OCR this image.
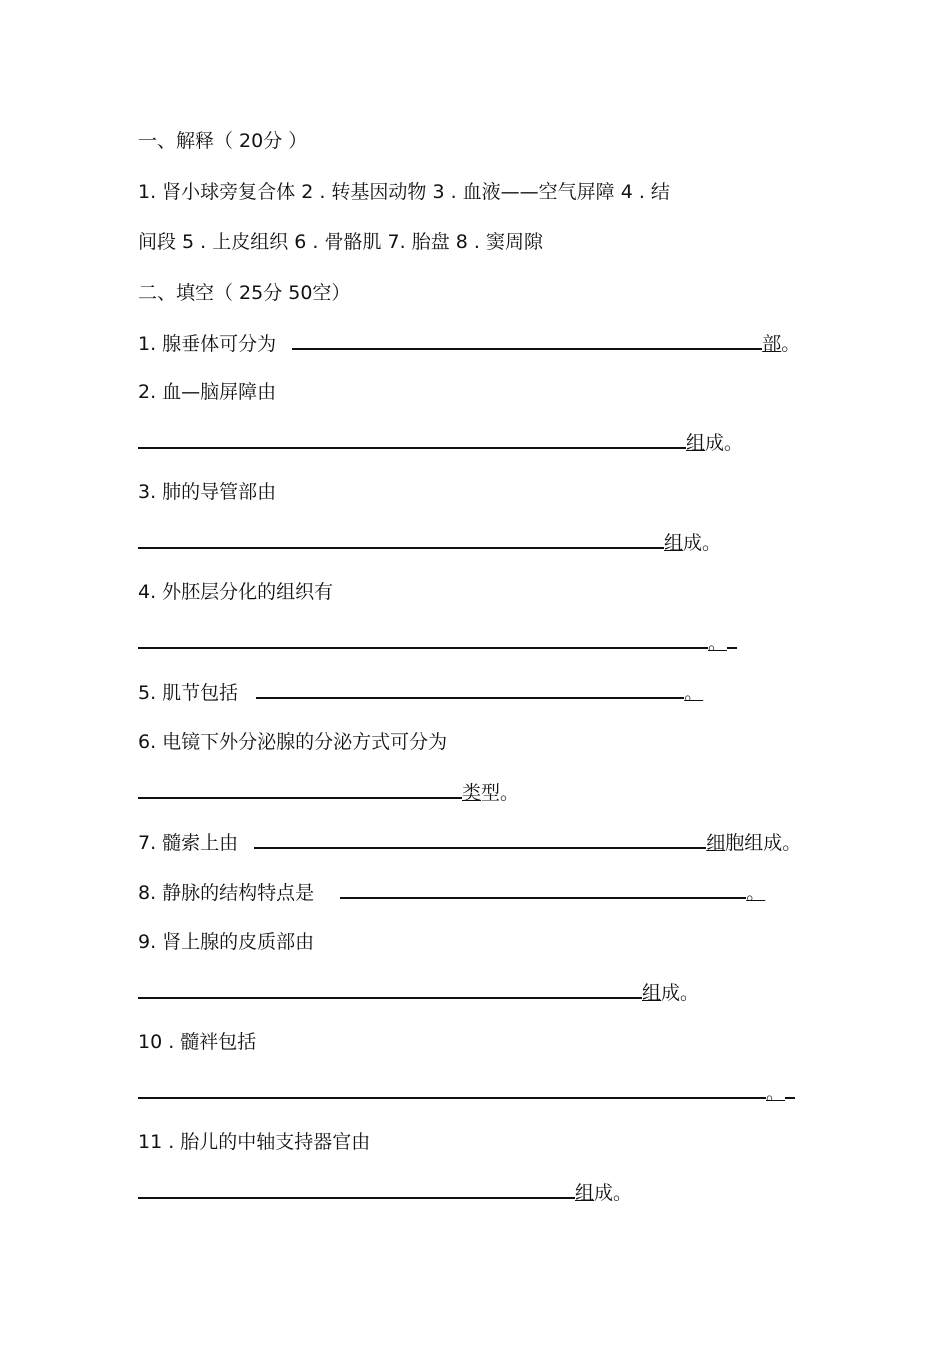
一、解释（ 20分 ）
1. 肾小球旁复合体 2 . 转基因动物 3 . 血液——空气屏障 4 . 结
间段 5 . 上皮组织 6 . 骨骼肌 7. 胎盘 8 . 窦周隙
二、填空（ 25分 50空）
1. 腺垂体可分为	部。
2. 血—脑屏障由
组成。
3. 肺的导管部由
组成。
4. 外胚层分化的组织有
。
5. 肌节包括	。
6. 电镜下外分泌腺的分泌方式可分为
类型。
7. 髓索上由	细胞组成。
8. 静脉的结构特点是	。
9. 肾上腺的皮质部由
组成。
10 . 髓袢包括
。
11 . 胎儿的中轴支持器官由
组成。
